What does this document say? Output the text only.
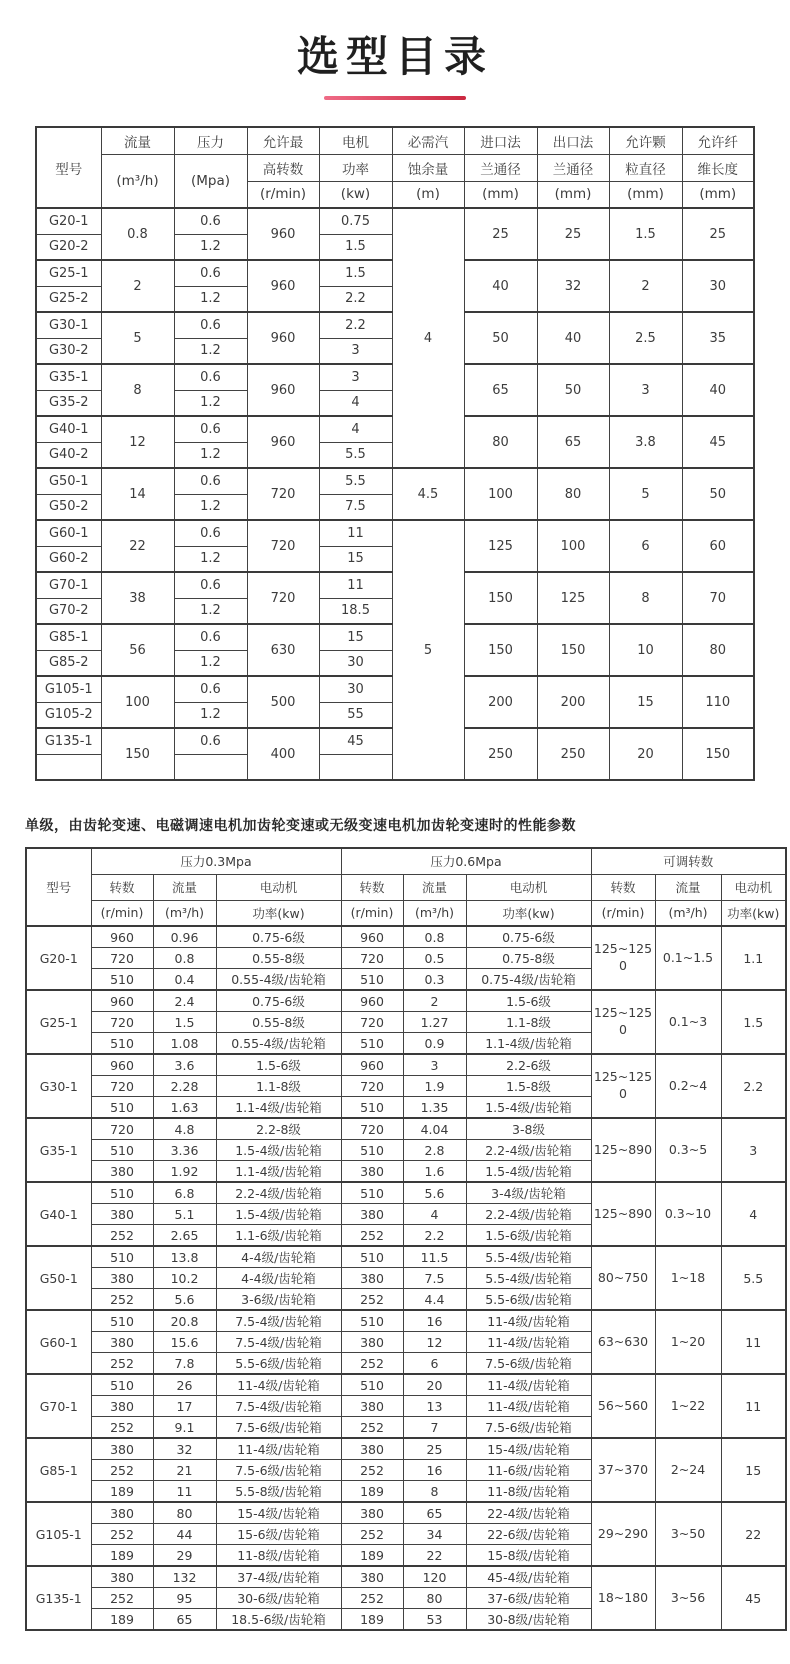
选型目录
型号	流量	压力	允许最	电机	必需汽	进口法	出口法	允许颗	允许纤
	(m³/h)	(Mpa)	高转数	功率	蚀余量	兰通径	兰通径	粒直径	维长度
			(r/min)	(kw)	(m)	(mm)	(mm)	(mm)	(mm)
G20-1	0.8	0.6	960	0.75	4	25	25	1.5	25
G20-2		1.2		1.5					
G25-1	2	0.6	960	1.5		40	32	2	30
G25-2		1.2		2.2					
G30-1	5	0.6	960	2.2		50	40	2.5	35
G30-2		1.2		3					
G35-1	8	0.6	960	3		65	50	3	40
G35-2		1.2		4					
G40-1	12	0.6	960	4		80	65	3.8	45
G40-2		1.2		5.5					
G50-1	14	0.6	720	5.5	4.5	100	80	5	50
G50-2		1.2		7.5					
G60-1	22	0.6	720	11	5	125	100	6	60
G60-2		1.2		15					
G70-1	38	0.6	720	11		150	125	8	70
G70-2		1.2		18.5					
G85-1	56	0.6	630	15		150	150	10	80
G85-2		1.2		30					
G105-1	100	0.6	500	30		200	200	15	110
G105-2		1.2		55					
G135-1	150	0.6	400	45		250	250	20	150

单级，由齿轮变速、电磁调速电机加齿轮变速或无级变速电机加齿轮变速时的性能参数

型号	压力0.3Mpa			压力0.6Mpa			可调转数		
	转数	流量	电动机	转数	流量	电动机	转数	流量	电动机
	(r/min)	(m³/h)	功率(kw)	(r/min)	(m³/h)	功率(kw)	(r/min)	(m³/h)	功率(kw)
G20-1	960	0.96	0.75-6级	960	0.8	0.75-6级	125~1250	0.1~1.5	1.1
	720	0.8	0.55-8级	720	0.5	0.75-8级			
	510	0.4	0.55-4级/齿轮箱	510	0.3	0.75-4级/齿轮箱			
G25-1	960	2.4	0.75-6级	960	2	1.5-6级	125~1250	0.1~3	1.5
	720	1.5	0.55-8级	720	1.27	1.1-8级			
	510	1.08	0.55-4级/齿轮箱	510	0.9	1.1-4级/齿轮箱			
G30-1	960	3.6	1.5-6级	960	3	2.2-6级	125~1250	0.2~4	2.2
	720	2.28	1.1-8级	720	1.9	1.5-8级			
	510	1.63	1.1-4级/齿轮箱	510	1.35	1.5-4级/齿轮箱			
G35-1	720	4.8	2.2-8级	720	4.04	3-8级	125~890	0.3~5	3
	510	3.36	1.5-4级/齿轮箱	510	2.8	2.2-4级/齿轮箱			
	380	1.92	1.1-4级/齿轮箱	380	1.6	1.5-4级/齿轮箱			
G40-1	510	6.8	2.2-4级/齿轮箱	510	5.6	3-4级/齿轮箱	125~890	0.3~10	4
	380	5.1	1.5-4级/齿轮箱	380	4	2.2-4级/齿轮箱			
	252	2.65	1.1-6级/齿轮箱	252	2.2	1.5-6级/齿轮箱			
G50-1	510	13.8	4-4级/齿轮箱	510	11.5	5.5-4级/齿轮箱	80~750	1~18	5.5
	380	10.2	4-4级/齿轮箱	380	7.5	5.5-4级/齿轮箱			
	252	5.6	3-6级/齿轮箱	252	4.4	5.5-6级/齿轮箱			
G60-1	510	20.8	7.5-4级/齿轮箱	510	16	11-4级/齿轮箱	63~630	1~20	11
	380	15.6	7.5-4级/齿轮箱	380	12	11-4级/齿轮箱			
	252	7.8	5.5-6级/齿轮箱	252	6	7.5-6级/齿轮箱			
G70-1	510	26	11-4级/齿轮箱	510	20	11-4级/齿轮箱	56~560	1~22	11
	380	17	7.5-4级/齿轮箱	380	13	11-4级/齿轮箱			
	252	9.1	7.5-6级/齿轮箱	252	7	7.5-6级/齿轮箱			
G85-1	380	32	11-4级/齿轮箱	380	25	15-4级/齿轮箱	37~370	2~24	15
	252	21	7.5-6级/齿轮箱	252	16	11-6级/齿轮箱			
	189	11	5.5-8级/齿轮箱	189	8	11-8级/齿轮箱			
G105-1	380	80	15-4级/齿轮箱	380	65	22-4级/齿轮箱	29~290	3~50	22
	252	44	15-6级/齿轮箱	252	34	22-6级/齿轮箱			
	189	29	11-8级/齿轮箱	189	22	15-8级/齿轮箱			
G135-1	380	132	37-4级/齿轮箱	380	120	45-4级/齿轮箱	18~180	3~56	45
	252	95	30-6级/齿轮箱	252	80	37-6级/齿轮箱			
	189	65	18.5-6级/齿轮箱	189	53	30-8级/齿轮箱			
